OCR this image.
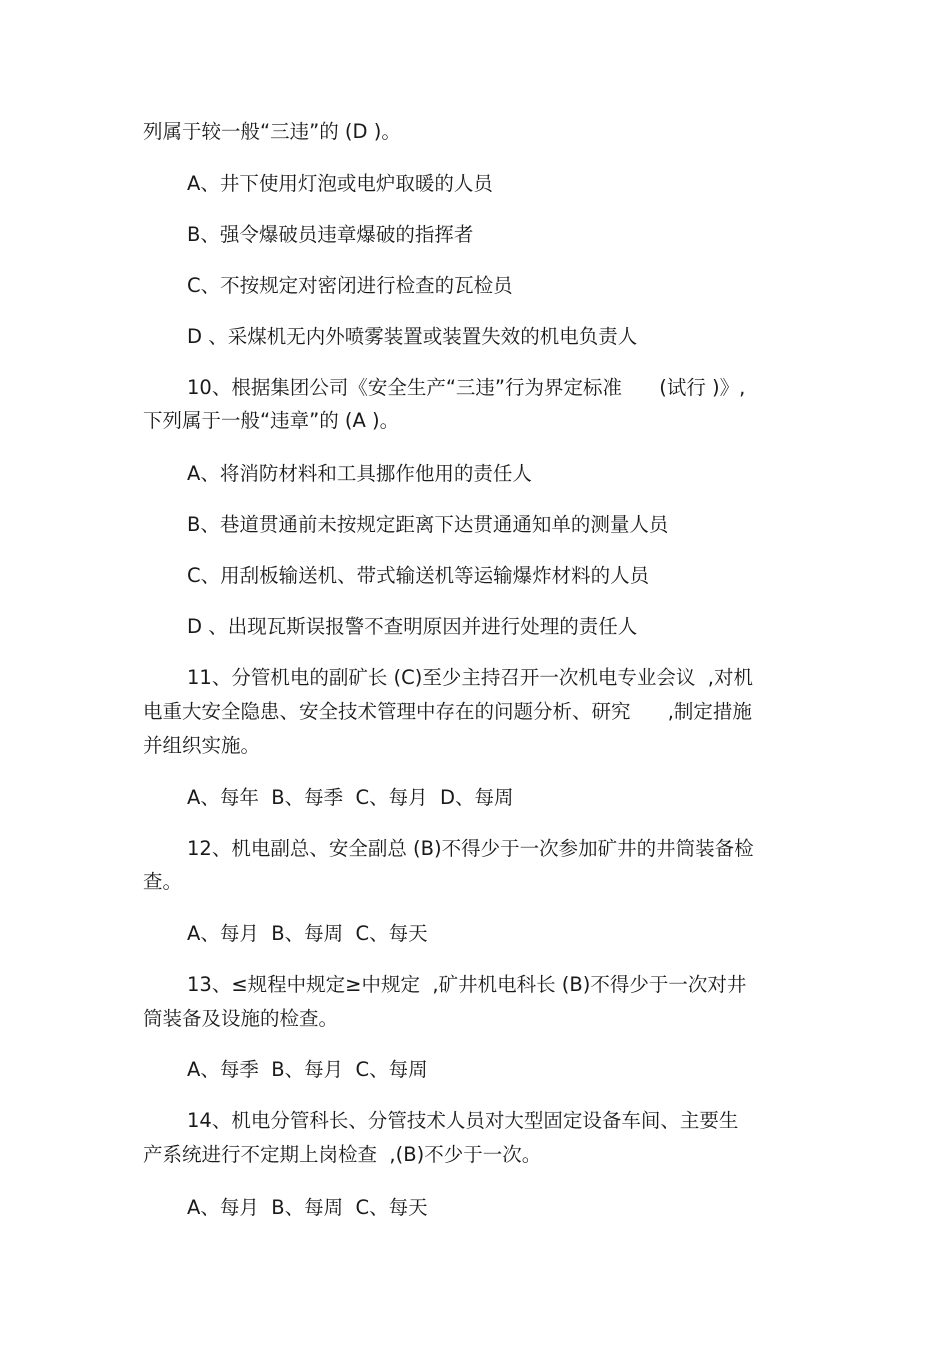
列属于较一般“三违”的 (D )。

A、井下使用灯泡或电炉取暖的人员

B、强令爆破员违章爆破的指挥者

C、不按规定对密闭进行检查的瓦检员

D 、采煤机无内外喷雾装置或装置失效的机电负责人

10、根据集团公司《安全生产“三违”行为界定标准      (试行 )》,

下列属于一般“违章”的 (A )。

A、将消防材料和工具挪作他用的责任人

B、巷道贯通前未按规定距离下达贯通通知单的测量人员

C、用刮板输送机、带式输送机等运输爆炸材料的人员

D 、出现瓦斯误报警不查明原因并进行处理的责任人

11、分管机电的副矿长 (C)至少主持召开一次机电专业会议  ,对机

电重大安全隐患、安全技术管理中存在的问题分析、研究      ,制定措施

并组织实施。

A、每年  B、每季  C、每月  D、每周

12、机电副总、安全副总 (B)不得少于一次参加矿井的井筒装备检

查。

A、每月  B、每周  C、每天

13、≤规程中规定≥中规定  ,矿井机电科长 (B)不得少于一次对井

筒装备及设施的检查。

A、每季  B、每月  C、每周

14、机电分管科长、分管技术人员对大型固定设备车间、主要生

产系统进行不定期上岗检查  ,(B)不少于一次。

A、每月  B、每周  C、每天
